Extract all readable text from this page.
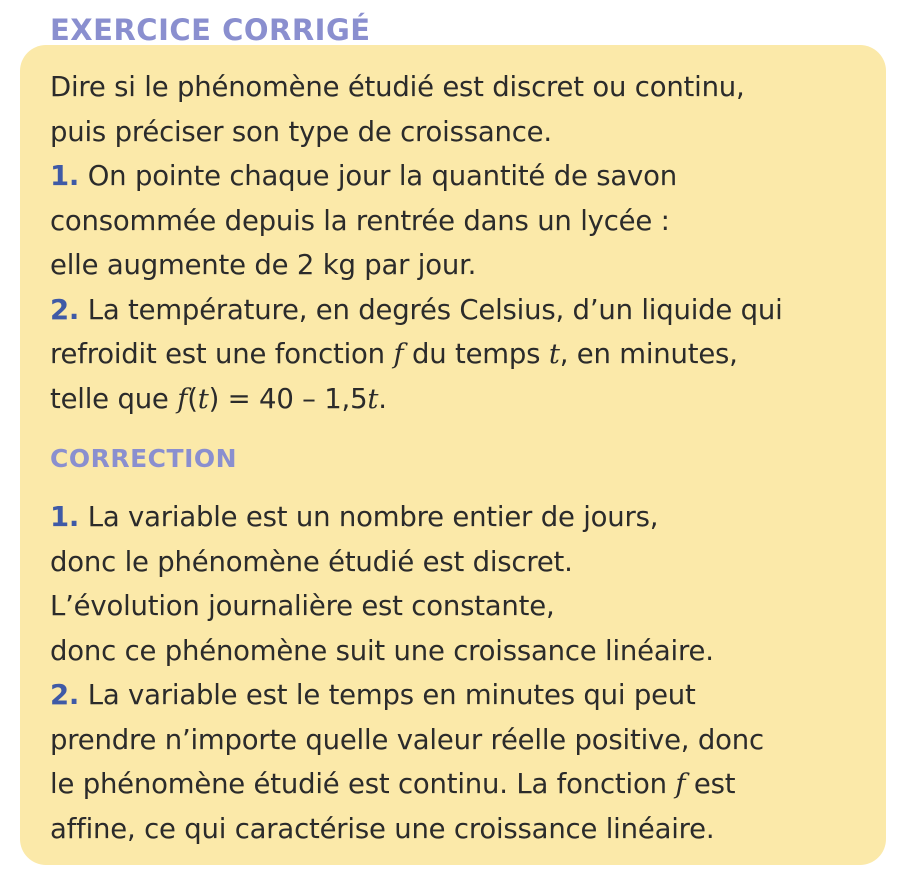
EXERCICE CORRIGÉ
Dire si le phénomène étudié est discret ou continu,
puis préciser son type de croissance.
1. On pointe chaque jour la quantité de savon
consommée depuis la rentrée dans un lycée :
elle augmente de 2 kg par jour.
2. La température, en degrés Celsius, d’un liquide qui
refroidit est une fonction f du temps t, en minutes,
telle que f(t) = 40 – 1,5t.
CORRECTION
1. La variable est un nombre entier de jours,
donc le phénomène étudié est discret.
L’évolution journalière est constante,
donc ce phénomène suit une croissance linéaire.
2. La variable est le temps en minutes qui peut
prendre n’importe quelle valeur réelle positive, donc
le phénomène étudié est continu. La fonction f est
affine, ce qui caractérise une croissance linéaire.
